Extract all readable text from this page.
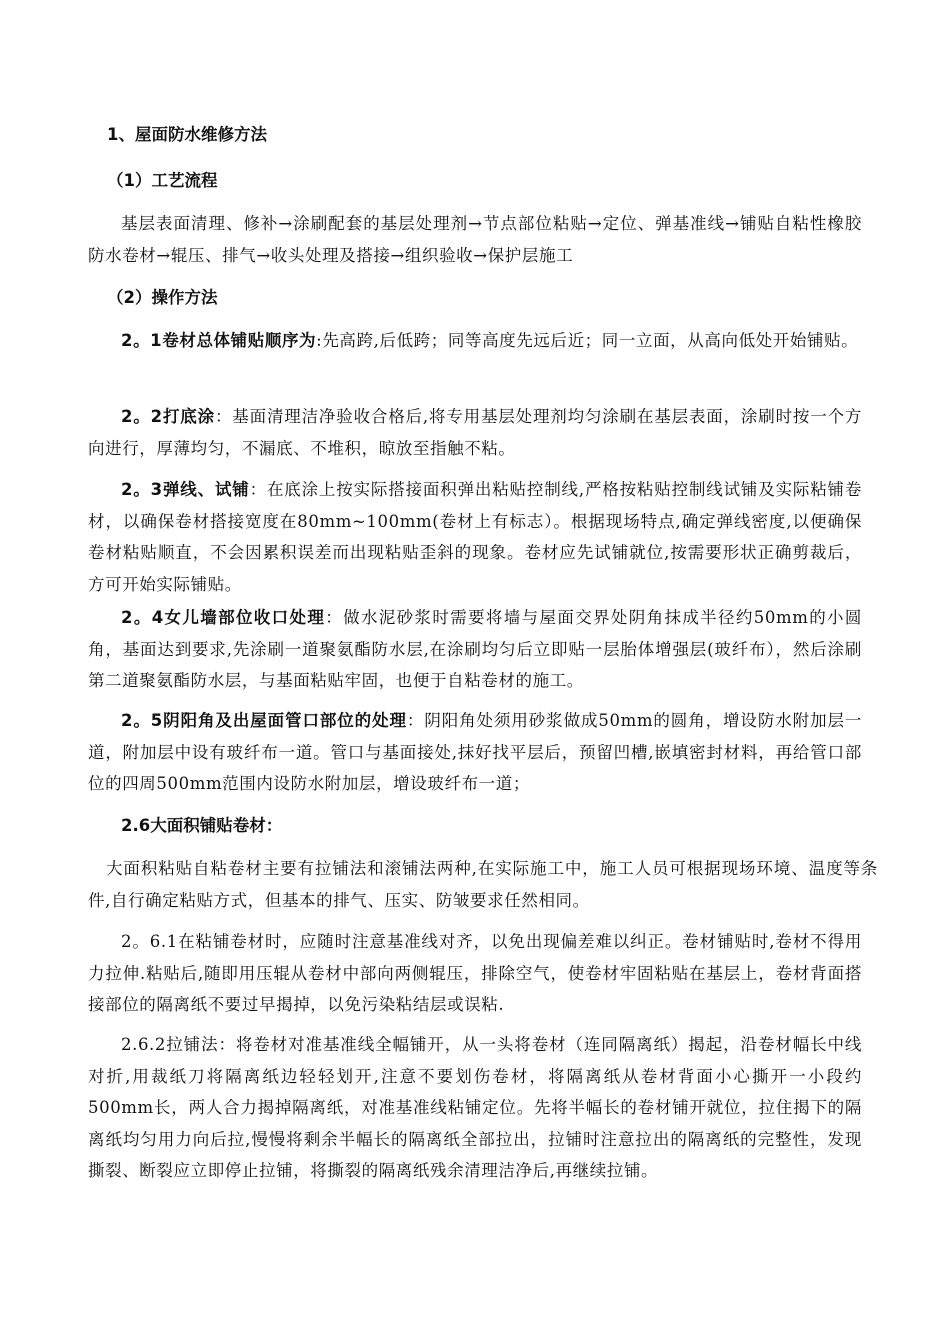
1、屋面防水维修方法
（1）工艺流程
基层表面清理、修补→涂刷配套的基层处理剂→节点部位粘贴→定位、弹基准线→铺贴自粘性橡胶防水卷材→辊压、排气→收头处理及搭接→组织验收→保护层施工
（2）操作方法
2。1卷材总体铺贴顺序为:先高跨,后低跨；同等高度先远后近；同一立面，从高向低处开始铺贴。
2。2打底涂：基面清理洁净验收合格后,将专用基层处理剂均匀涂刷在基层表面，涂刷时按一个方向进行，厚薄均匀，不漏底、不堆积，晾放至指触不粘。
2。3弹线、试铺：在底涂上按实际搭接面积弹出粘贴控制线,严格按粘贴控制线试铺及实际粘铺卷材，以确保卷材搭接宽度在80mm~100mm(卷材上有标志）。根据现场特点,确定弹线密度,以便确保卷材粘贴顺直，不会因累积误差而出现粘贴歪斜的现象。卷材应先试铺就位,按需要形状正确剪裁后，方可开始实际铺贴。
2。4女儿墙部位收口处理：做水泥砂浆时需要将墙与屋面交界处阴角抹成半径约50mm的小圆角，基面达到要求,先涂刷一道聚氨酯防水层,在涂刷均匀后立即贴一层胎体增强层(玻纤布），然后涂刷第二道聚氨酯防水层，与基面粘贴牢固，也便于自粘卷材的施工。
2。5阴阳角及出屋面管口部位的处理：阴阳角处须用砂浆做成50mm的圆角，增设防水附加层一道，附加层中设有玻纤布一道。管口与基面接处,抹好找平层后，预留凹槽,嵌填密封材料，再给管口部位的四周500mm范围内设防水附加层，增设玻纤布一道；
2.6大面积铺贴卷材：
大面积粘贴自粘卷材主要有拉铺法和滚铺法两种,在实际施工中，施工人员可根据现场环境、温度等条件,自行确定粘贴方式，但基本的排气、压实、防皱要求任然相同。
2。6.1在粘铺卷材时，应随时注意基准线对齐，以免出现偏差难以纠正。卷材铺贴时,卷材不得用力拉伸.粘贴后,随即用压辊从卷材中部向两侧辊压，排除空气，使卷材牢固粘贴在基层上，卷材背面搭接部位的隔离纸不要过早揭掉，以免污染粘结层或误粘.
2.6.2拉铺法：将卷材对准基准线全幅铺开，从一头将卷材（连同隔离纸）揭起，沿卷材幅长中线对折,用裁纸刀将隔离纸边轻轻划开,注意不要划伤卷材，将隔离纸从卷材背面小心撕开一小段约500mm长，两人合力揭掉隔离纸，对准基准线粘铺定位。先将半幅长的卷材铺开就位，拉住揭下的隔离纸均匀用力向后拉,慢慢将剩余半幅长的隔离纸全部拉出，拉铺时注意拉出的隔离纸的完整性，发现撕裂、断裂应立即停止拉铺，将撕裂的隔离纸残余清理洁净后,再继续拉铺。
